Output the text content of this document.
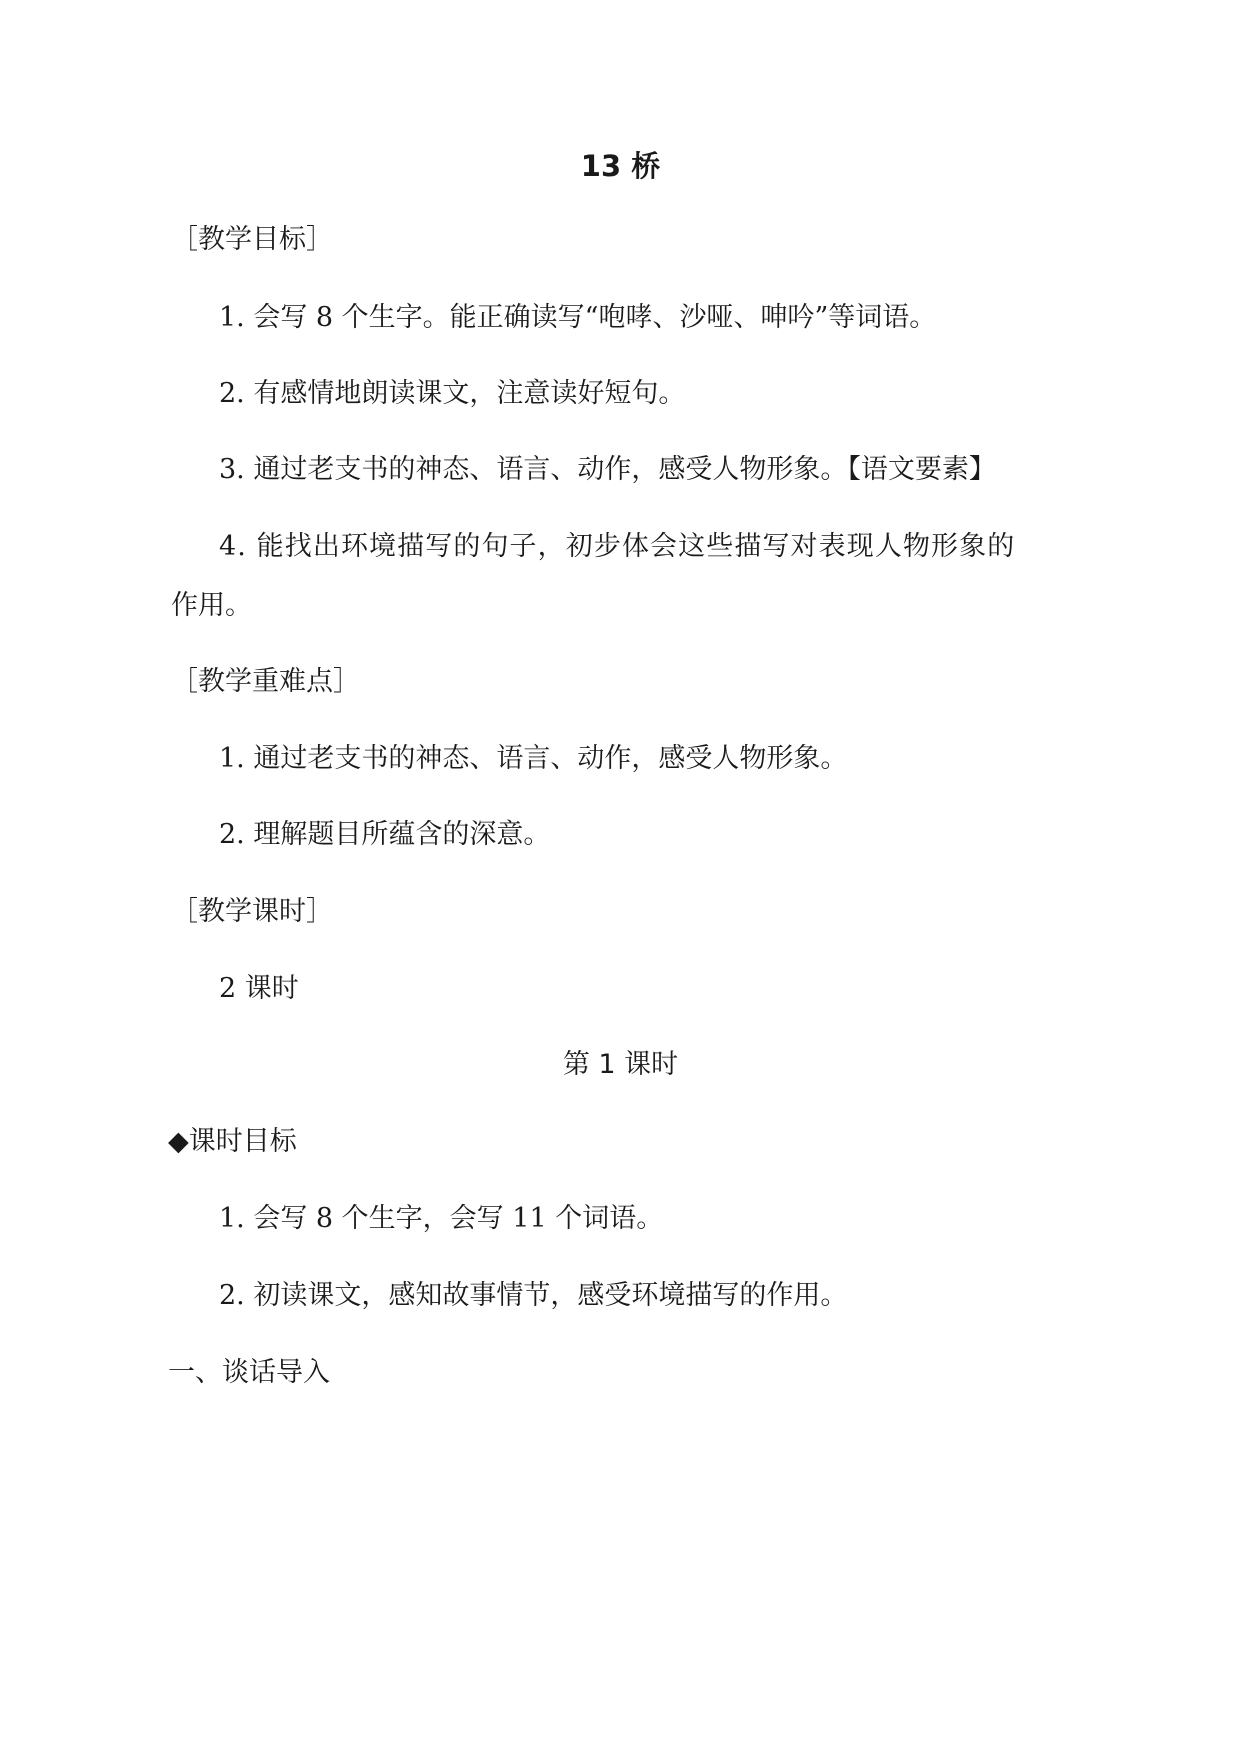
13 桥
［教学目标］
1. 会写 8 个生字。能正确读写“咆哮、沙哑、呻吟”等词语。
2. 有感情地朗读课文，注意读好短句。
3. 通过老支书的神态、语言、动作，感受人物形象。【语文要素】
4. 能找出环境描写的句子，初步体会这些描写对表现人物形象的
作用。
［教学重难点］
1. 通过老支书的神态、语言、动作，感受人物形象。
2. 理解题目所蕴含的深意。
［教学课时］
2 课时
第 1 课时
◆课时目标
1. 会写 8 个生字，会写 11 个词语。
2. 初读课文，感知故事情节，感受环境描写的作用。
一、谈话导入
